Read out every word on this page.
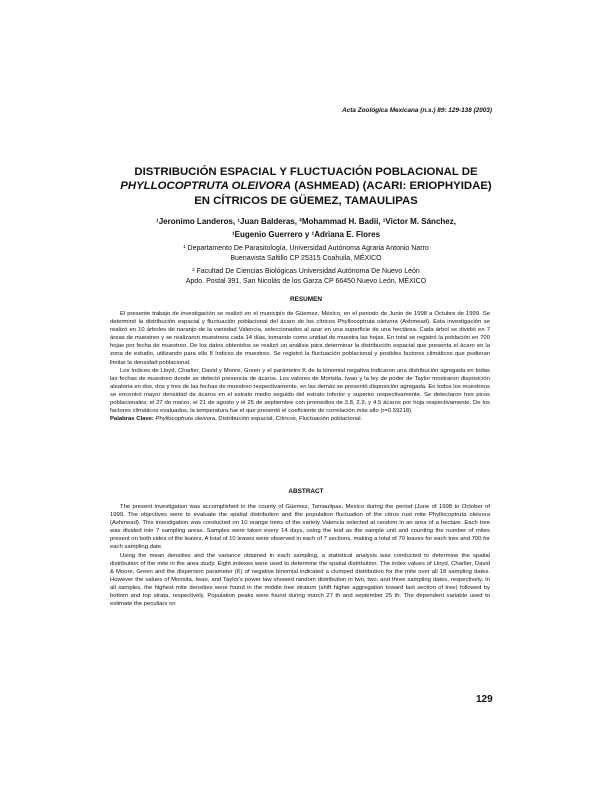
Acta Zoológica Mexicana (n.s.) 89: 129-138 (2003)
DISTRIBUCIÓN ESPACIAL Y FLUCTUACIÓN POBLACIONAL DE
PHYLLOCOPTRUTA OLEIVORA (ASHMEAD) (ACARI: ERIOPHYIDAE)
EN CÍTRICOS DE GÜEMEZ, TAMAULIPAS
¹Jeronimo Landeros, ¹Juan Balderas, ²Mohammad H. Badii, ¹Victor M. Sánchez,
¹Eugenio Guerrero y ¹Adriana E. Flores
¹ Departamento De Parasitología, Universidad Autónoma Agraria Antonio Narro
Buenavista Saltillo CP 25315 Coahuila, MÉXICO
² Facultad De Ciencias Biológicas Universidad Autónoma De Nuevo León
Apdo. Postal 391, San Nicolás de los Garza CP 66450 Nuevo León, MÉXICO
RESUMEN

El presente trabajo de investigación se realizó en el municipio de Güemez, México, en el periodo de Junio de 1998 a Octubre de 1999. Se determinó la distribución espacial y fluctuación poblacional del ácaro de los cítricos Phyllocoptruta oleivora (Ashmead). Esta investigación se realizó en 10 árboles de naranjo de la variedad Valencia, seleccionados al azar en una superficie de una hectárea. Cada árbol se dividió en 7 áreas de muestreo y se realizaron muestreos cada 14 días, tomando como unidad de muestra las hojas. En total se registró la población en 700 hojas por fecha de muestreo. De los datos obtenidos se realizó un análisis para determinar la distribución espacial que presenta el ácaro en la zona de estudio, utilizando para ello 8 índices de muestreo. Se registró la fluctuación poblacional y posibles factores climáticos que pudieran limitar la densidad poblacional.

Los índices de Lloyd, Charlier, David y Moore, Green y el parámetro K de la binomial negativa indicaron una distribución agregada en todas las fechas de muestreo donde se detectó presencia de ácaros. Los valores de Morisita, Iwao y la ley de poder de Taylor mostraron disposición aleatoria en dos, dos y tres de las fechas de muestreo respectivamente, en las demás se presentó disposición agregada. En todos los muestreos se encontró mayor densidad de ácaros en el estrato medio seguido del estrato inferior y superior respectivamente. Se detectaron tres picos poblacionales; el 27 de marzo, el 21 de agosto y el 25 de septiembre con promedios de 3.8, 2.9, y 4.5 ácaros por hoja respectivamente. De los factores climáticos evaluados, la temperatura fue el que presentó el coeficiente de correlación más alto (r=0.59218).

Palabras Clave: Phyllocoptruta oleivora, Distribución espacial, Cítricos, Fluctuación poblacional.

ABSTRACT

The present investigation was accomplished in the county of Güemez, Tamaulipas, Mexico during the period (June of 1998 to October of 1999. The objectives were to evaluate the spatial distribution and the population fluctuation of the citrus rust mite Phyllocoptruta oleivora (Ashmead). This investigation was conducted on 10 orange trees of the variety Valencia selected at random in an area of a hectare. Each tree was divided into 7 sampling areas. Samples were taken every 14 days, using the leaf as the sample unit and counting the number of mites present on both sides of the leaves. A total of 10 leaves were observed in each of 7 sections, making a total of 70 leaves for each tree and 700 for each sampling date.

Using the mean densities and the variance obtained in each sampling, a statistical analysis was conducted to determine the spatial distribution of the mite in the area study. Eight indexes were used to determine the spatial distribution. The index values of Lloyd, Charlier, David & Moore, Green and the dispersion parameter (K) of negative binomial indicated a clumped distribution for the mite over all 18 sampling dates. However the values of Morisita, Iwao, and Taylor's power law showed random distribution in two, two, and three sampling dates, respectively. In all samples, the highest mite densities were found in the middle tree stratum (shift higher aggregation toward last section of tree) followed by bottom and top strata, respectively. Population peaks were found during march 27 th and september 25 th. The dependent variable used to estimate the peculiars on

129
